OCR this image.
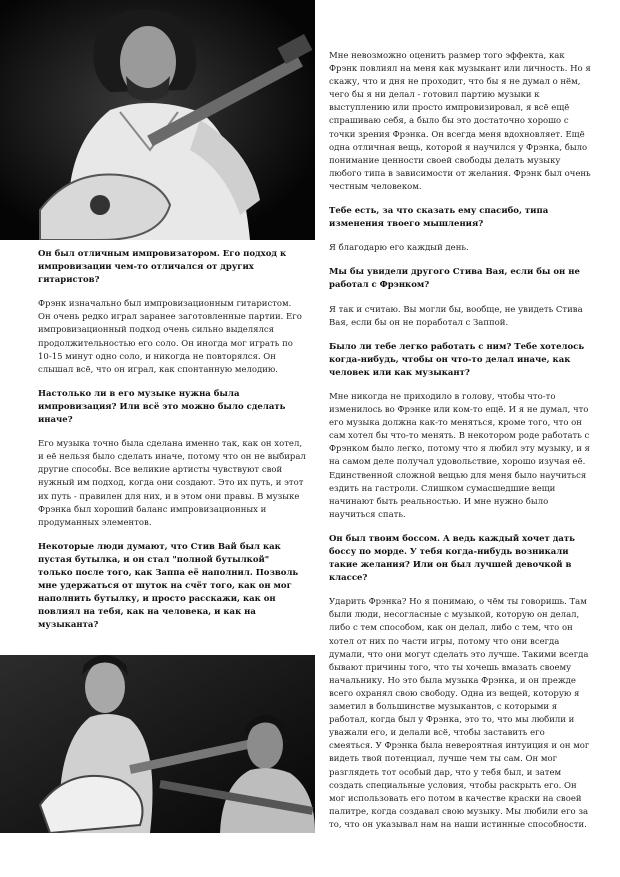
Он был отличным импровизатором. Его подход к импровизации чем-то отличался от других гитаристов?

Фрэнк изначально был импровизационным гитаристом. Он очень редко играл заранее заготовленные партии. Его импровизационный подход очень сильно выделялся продолжительностью его соло. Он иногда мог играть по 10-15 минут одно соло, и никогда не повторялся. Он слышал всё, что он играл, как спонтанную мелодию.

Настолько ли в его музыке нужна была импровизация? Или всё это можно было сделать иначе?

Его музыка точно была сделана именно так, как он хотел, и её нельзя было сделать иначе, потому что он не выбирал другие способы. Все великие артисты чувствуют свой нужный им подход, когда они создают. Это их путь, и этот их путь - правилен для них, и в этом они правы. В музыке Фрэнка был хороший баланс импровизационных и продуманных элементов.

Некоторые люди думают, что Стив Вай был как пустая бутылка, и он стал "полной бутылкой" только после того, как Заппа её наполнил. Позволь мне удержаться от шуток на счёт того, как он мог наполнить бутылку, и просто расскажи, как он повлиял на тебя, как на человека, и как на музыканта?

Мне невозможно оценить размер того эффекта, как Фрэнк повлиял на меня как музыкант или личность. Но я скажу, что и дня не проходит, что бы я не думал о нём, чего бы я ни делал - готовил партию музыки к выступлению или просто импровизировал, я всё ещё спрашиваю себя, а было бы это достаточно хорошо с точки зрения Фрэнка. Он всегда меня вдохновляет. Ещё одна отличная вещь, которой я научился у Фрэнка, было понимание ценности своей свободы делать музыку любого типа в зависимости от желания. Фрэнк был очень честным человеком.

Тебе есть, за что сказать ему спасибо, типа изменения твоего мышления?

Я благодарю его каждый день.

Мы бы увидели другого Стива Вая, если бы он не работал с Фрэнком?

Я так и считаю. Вы могли бы, вообще, не увидеть Стива Вая, если бы он не поработал с Заппой.

Было ли тебе легко работать с ним? Тебе хотелось когда-нибудь, чтобы он что-то делал иначе, как человек или как музыкант?

Мне никогда не приходило в голову, чтобы что-то изменилось во Фрэнке или ком-то ещё. И я не думал, что его музыка должна как-то меняться, кроме того, что он сам хотел бы что-то менять. В некотором роде работать с Фрэнком было легко, потому что я любил эту музыку, и я на самом деле получал удовольствие, хорошо изучая её. Единственной сложной вещью для меня было научиться ездить на гастроли. Слишком сумасшедшие вещи начинают быть реальностью. И мне нужно было научиться спать.

Он был твоим боссом. А ведь каждый хочет дать боссу по морде. У тебя когда-нибудь возникали такие желания? Или он был лучшей девочкой в классе?

Ударить Фрэнка? Но я понимаю, о чём ты говоришь. Там были люди, несогласные с музыкой, которую он делал, либо с тем способом, как он делал, либо с тем, что он хотел от них по части игры, потому что они всегда думали, что они могут сделать это лучше. Такими всегда бывают причины того, что ты хочешь вмазать своему начальнику. Но это была музыка Фрэнка, и он прежде всего охранял свою свободу. Одна из вещей, которую я заметил в большинстве музыкантов, с которыми я работал, когда был у Фрэнка, это то, что мы любили и уважали его, и делали всё, чтобы заставить его смеяться. У Фрэнка была невероятная интуиция и он мог видеть твой потенциал, лучше чем ты сам. Он мог разглядеть тот особый дар, что у тебя был, и затем создать специальные условия, чтобы раскрыть его. Он мог использовать его потом в качестве краски на своей палитре, когда создавал свою музыку. Мы любили его за то, что он указывал нам на наши истинные способности.
